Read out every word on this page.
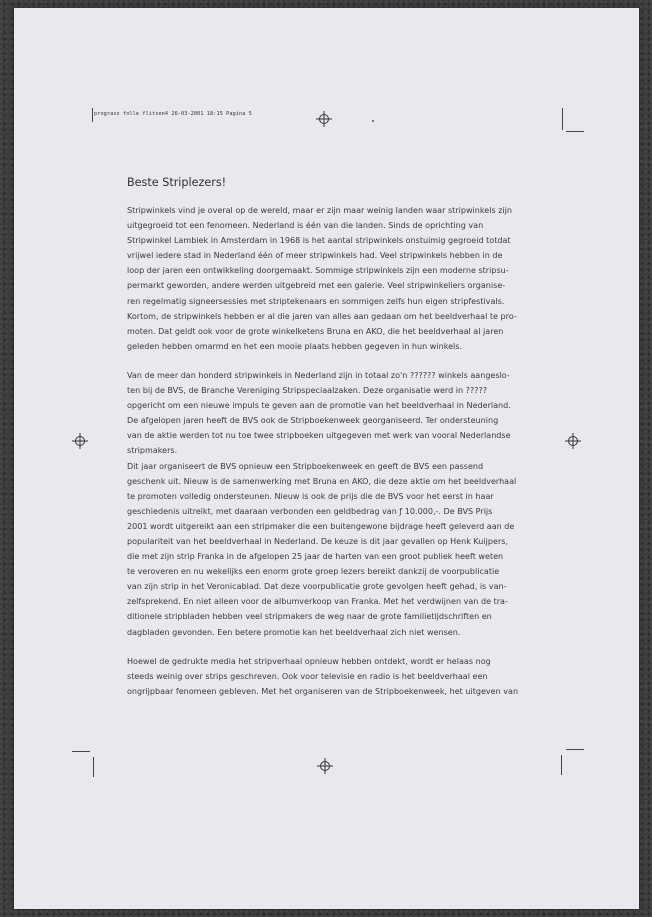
prograss folle flitsen4 26-03-2001 18:15 Pagina 5
Beste Striplezers!
Stripwinkels vind je overal op de wereld, maar er zijn maar weinig landen waar stripwinkels zijn
uitgegroeid tot een fenomeen. Nederland is één van die landen. Sinds de oprichting van
Stripwinkel Lambiek in Amsterdam in 1968 is het aantal stripwinkels onstuimig gegroeid totdat
vrijwel iedere stad in Nederland één of meer stripwinkels had. Veel stripwinkels hebben in de
loop der jaren een ontwikkeling doorgemaakt. Sommige stripwinkels zijn een moderne stripsu-
permarkt geworden, andere werden uitgebreid met een galerie. Veel stripwinkeliers organise-
ren regelmatig signeersessies met striptekenaars en sommigen zelfs hun eigen stripfestivals.
Kortom, de stripwinkels hebben er al die jaren van alles aan gedaan om het beeldverhaal te pro-
moten. Dat geldt ook voor de grote winkelketens Bruna en AKO, die het beeldverhaal al jaren
geleden hebben omarmd en het een mooie plaats hebben gegeven in hun winkels.
Van de meer dan honderd stripwinkels in Nederland zijn in totaal zo'n ?????? winkels aangeslo-
ten bij de BVS, de Branche Vereniging Stripspeciaalzaken. Deze organisatie werd in ?????
opgericht om een nieuwe impuls te geven aan de promotie van het beeldverhaal in Nederland.
De afgelopen jaren heeft de BVS ook de Stripboekenweek georganiseerd. Ter ondersteuning
van de aktie werden tot nu toe twee stripboeken uitgegeven met werk van vooral Nederlandse
stripmakers.
Dit jaar organiseert de BVS opnieuw een Stripboekenweek en geeft de BVS een passend
geschenk uit. Nieuw is de samenwerking met Bruna en AKO, die deze aktie om het beeldverhaal
te promoten volledig ondersteunen. Nieuw is ook de prijs die de BVS voor het eerst in haar
geschiedenis uitreikt, met daaraan verbonden een geldbedrag van ƒ 10.000,-. De BVS Prijs
2001 wordt uitgereikt aan een stripmaker die een buitengewone bijdrage heeft geleverd aan de
populariteit van het beeldverhaal in Nederland. De keuze is dit jaar gevallen op Henk Kuijpers,
die met zijn strip Franka in de afgelopen 25 jaar de harten van een groot publiek heeft weten
te veroveren en nu wekelijks een enorm grote groep lezers bereikt dankzij de voorpublicatie
van zijn strip in het Veronicablad. Dat deze voorpublicatie grote gevolgen heeft gehad, is van-
zelfsprekend. En niet alleen voor de albumverkoop van Franka. Met het verdwijnen van de tra-
ditionele stripbladen hebben veel stripmakers de weg naar de grote familietijdschriften en
dagbladen gevonden. Een betere promotie kan het beeldverhaal zich niet wensen.
Hoewel de gedrukte media het stripverhaal opnieuw hebben ontdekt, wordt er helaas nog
steeds weinig over strips geschreven. Ook voor televisie en radio is het beeldverhaal een
ongrijpbaar fenomeen gebleven. Met het organiseren van de Stripboekenweek, het uitgeven van
